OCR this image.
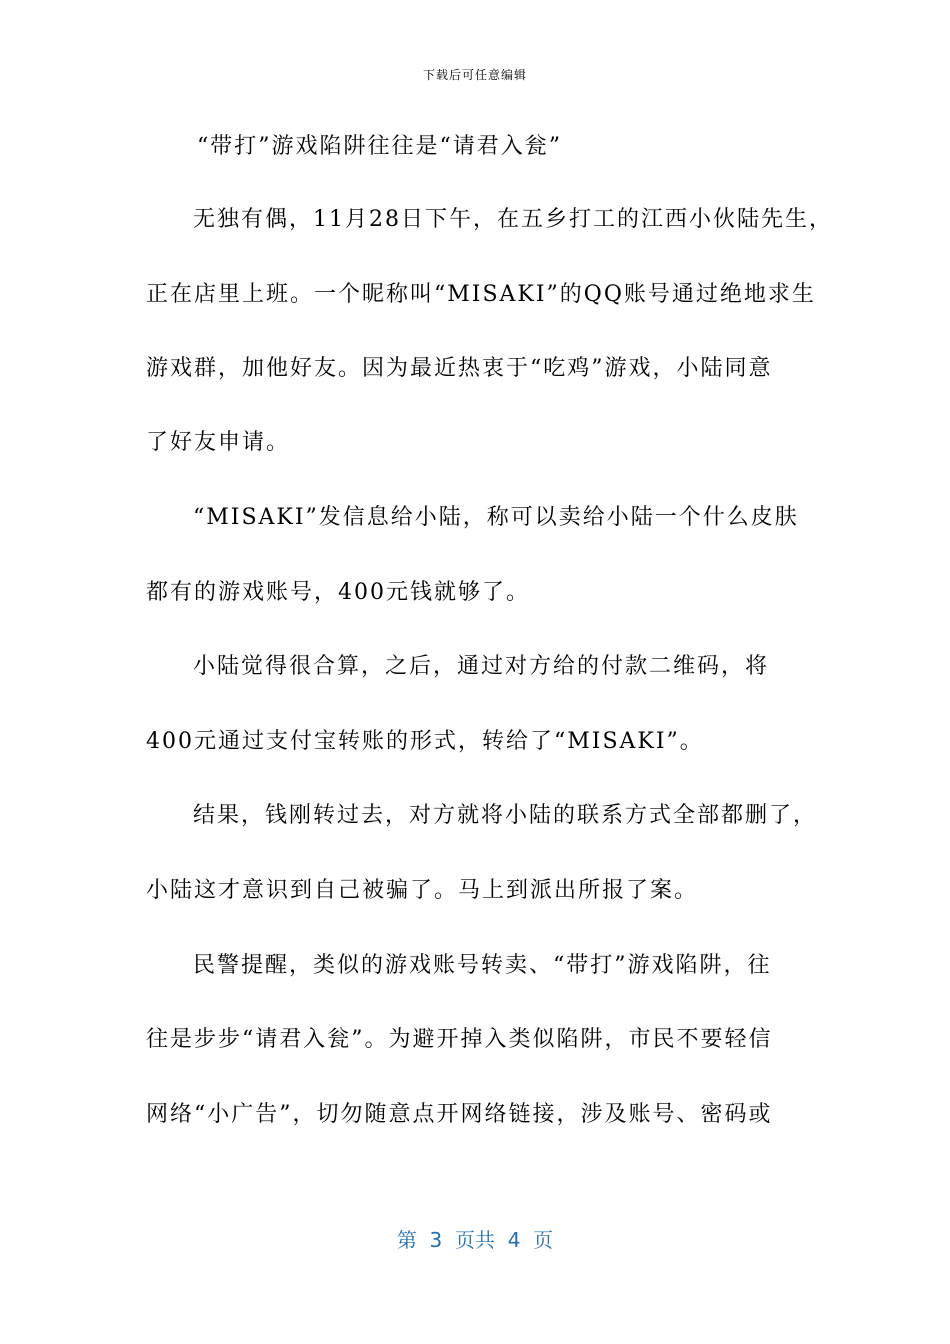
下载后可任意编辑
“带打”游戏陷阱往往是“请君入瓮”
无独有偶，11月28日下午，在五乡打工的江西小伙陆先生，
正在店里上班。一个昵称叫“MISAKI”的QQ账号通过绝地求生
游戏群，加他好友。因为最近热衷于“吃鸡”游戏，小陆同意
了好友申请。
“MISAKI”发信息给小陆，称可以卖给小陆一个什么皮肤
都有的游戏账号，400元钱就够了。
小陆觉得很合算，之后，通过对方给的付款二维码，将
400元通过支付宝转账的形式，转给了“MISAKI”。
结果，钱刚转过去，对方就将小陆的联系方式全部都删了，
小陆这才意识到自己被骗了。马上到派出所报了案。
民警提醒，类似的游戏账号转卖、“带打”游戏陷阱，往
往是步步“请君入瓮”。为避开掉入类似陷阱，市民不要轻信
网络“小广告”，切勿随意点开网络链接，涉及账号、密码或
第  3  页共  4  页
